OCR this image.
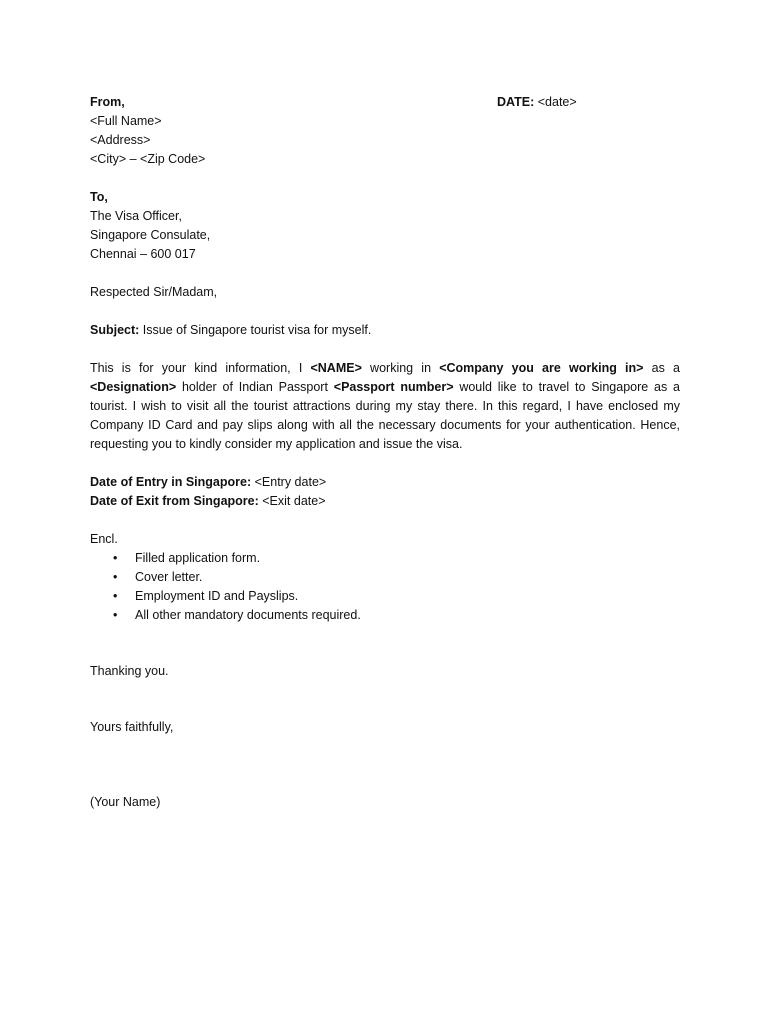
DATE: <date>
From,
<Full Name>
<Address>
<City> – <Zip Code>
To,
The Visa Officer,
Singapore Consulate,
Chennai – 600 017
Respected Sir/Madam,
Subject: Issue of Singapore tourist visa for myself.
This is for your kind information, I <NAME> working in <Company you are working in> as a <Designation> holder of Indian Passport <Passport number> would like to travel to Singapore as a tourist. I wish to visit all the tourist attractions during my stay there. In this regard, I have enclosed my Company ID Card and pay slips along with all the necessary documents for your authentication. Hence, requesting you to kindly consider my application and issue the visa.
Date of Entry in Singapore: <Entry date>
Date of Exit from Singapore: <Exit date>
Encl.
• Filled application form.
• Cover letter.
• Employment ID and Payslips.
• All other mandatory documents required.
Thanking you.
Yours faithfully,
(Your Name)
